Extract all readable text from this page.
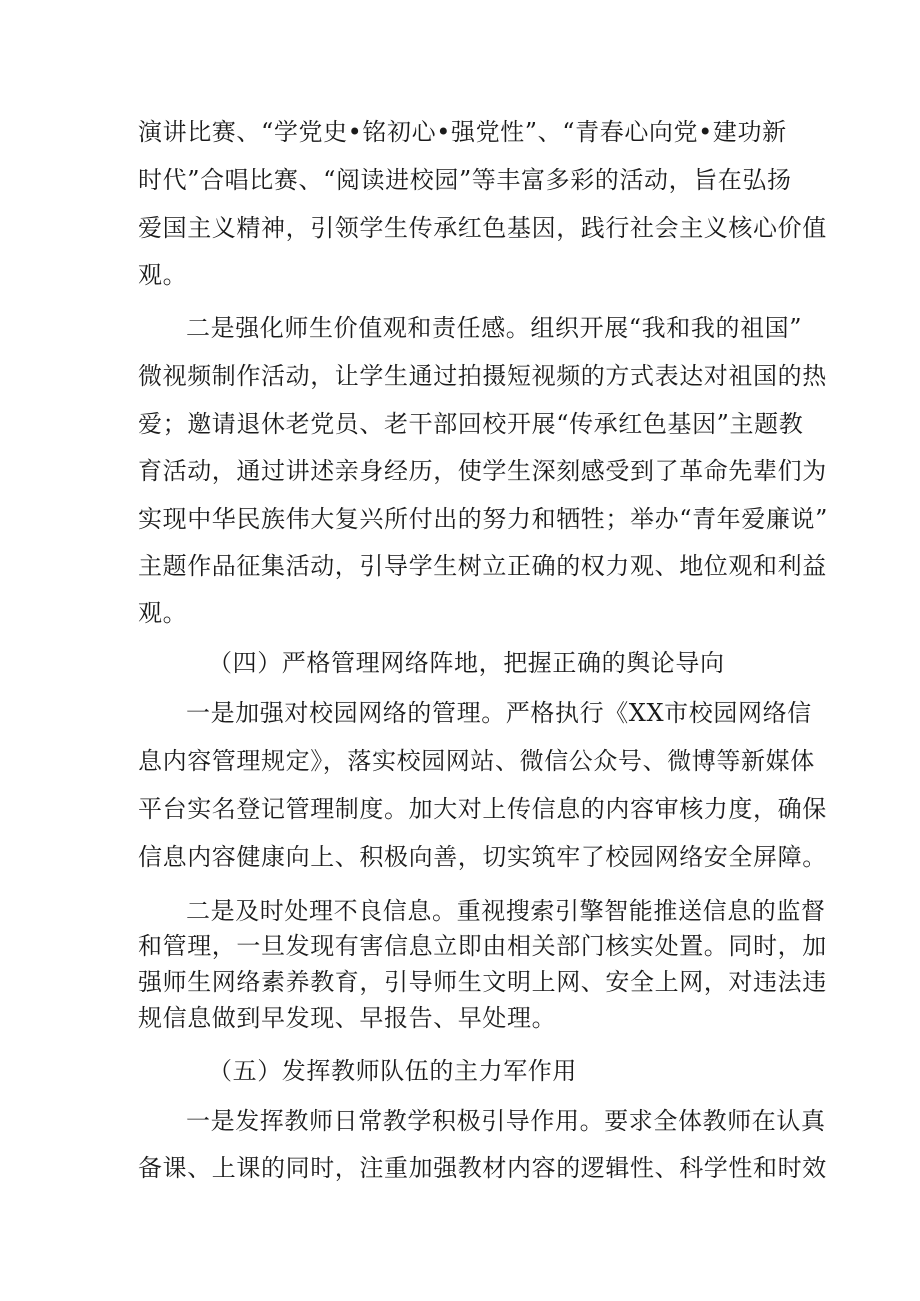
演讲比赛、“学党史•铭初心•强党性”、“青春心向党•建功新
时代”合唱比赛、“阅读进校园”等丰富多彩的活动，旨在弘扬
爱国主义精神，引领学生传承红色基因，践行社会主义核心价值
观。
二是强化师生价值观和责任感。组织开展“我和我的祖国”
微视频制作活动，让学生通过拍摄短视频的方式表达对祖国的热
爱；邀请退休老党员、老干部回校开展“传承红色基因”主题教
育活动，通过讲述亲身经历，使学生深刻感受到了革命先辈们为
实现中华民族伟大复兴所付出的努力和牺牲；举办“青年爱廉说”
主题作品征集活动，引导学生树立正确的权力观、地位观和利益
观。
（四）严格管理网络阵地，把握正确的舆论导向
一是加强对校园网络的管理。严格执行《XX市校园网络信
息内容管理规定》，落实校园网站、微信公众号、微博等新媒体
平台实名登记管理制度。加大对上传信息的内容审核力度，确保
信息内容健康向上、积极向善，切实筑牢了校园网络安全屏障。
二是及时处理不良信息。重视搜索引擎智能推送信息的监督
和管理，一旦发现有害信息立即由相关部门核实处置。同时，加
强师生网络素养教育，引导师生文明上网、安全上网，对违法违
规信息做到早发现、早报告、早处理。
（五）发挥教师队伍的主力军作用
一是发挥教师日常教学积极引导作用。要求全体教师在认真
备课、上课的同时，注重加强教材内容的逻辑性、科学性和时效
